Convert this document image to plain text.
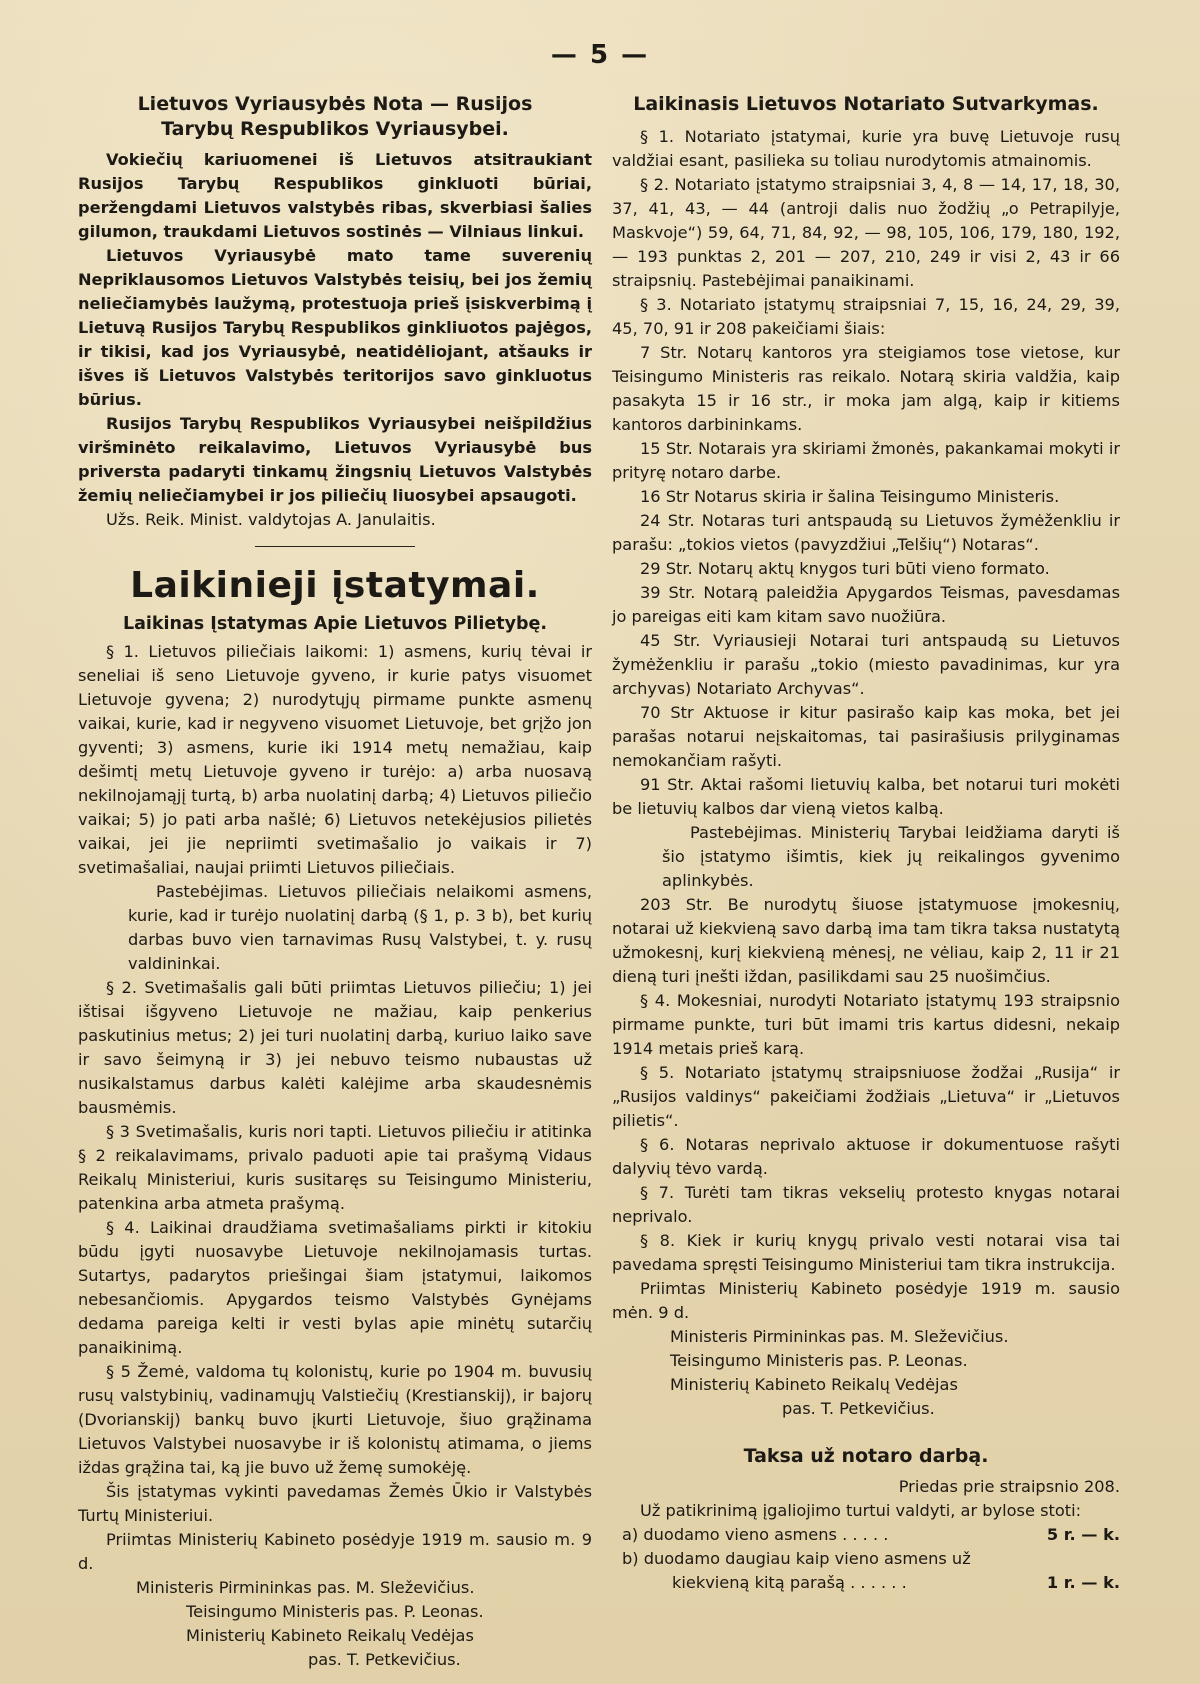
— 5 —
Lietuvos Vyriausybės Nota — Rusijos
Tarybų Respublikos Vyriausybei.

Vokiečių kariuomenei iš Lietuvos atsitraukiant Rusijos Tarybų Respublikos ginkluoti būriai, peržengdami Lietuvos valstybės ribas, skverbiasi šalies gilumon, traukdami Lietuvos sostinės — Vilniaus linkui.

Lietuvos Vyriausybė mato tame suverenių Nepriklausomos Lietuvos Valstybės teisių, bei jos žemių neliečiamybės laužymą, protestuoja prieš įsiskverbimą į Lietuvą Rusijos Tarybų Respublikos ginkliuotos pajėgos, ir tikisi, kad jos Vyriausybė, neatidėliojant, atšauks ir išves iš Lietuvos Valstybės teritorijos savo ginkluotus būrius.

Rusijos Tarybų Respublikos Vyriausybei neišpildžius viršminėto reikalavimo, Lietuvos Vyriausybė bus priversta padaryti tinkamų žingsnių Lietuvos Valstybės žemių neliečiamybei ir jos piliečių liuosybei apsaugoti.

Užs. Reik. Minist. valdytojas A. Janulaitis.

Laikinieji įstatymai.
Laikinas Įstatymas Apie Lietuvos Pilietybę.

§ 1. Lietuvos piliečiais laikomi: 1) asmens, kurių tėvai ir seneliai iš seno Lietuvoje gyveno, ir kurie patys visuomet Lietuvoje gyvena; 2) nurodytųjų pirmame punkte asmenų vaikai, kurie, kad ir negyveno visuomet Lietuvoje, bet grįžo jon gyventi; 3) asmens, kurie iki 1914 metų nemažiau, kaip dešimtį metų Lietuvoje gyveno ir turėjo: a) arba nuosavą nekilnojamąjį turtą, b) arba nuolatinį darbą; 4) Lietuvos piliečio vaikai; 5) jo pati arba našlė; 6) Lietuvos netekėjusios pilietės vaikai, jei jie nepriimti svetimašalio jo vaikais ir 7) svetimašaliai, naujai priimti Lietuvos piliečiais.

Pastebėjimas. Lietuvos piliečiais nelaikomi asmens, kurie, kad ir turėjo nuolatinį darbą (§ 1, p. 3 b), bet kurių darbas buvo vien tarnavimas Rusų Valstybei, t. y. rusų valdininkai.

§ 2. Svetimašalis gali būti priimtas Lietuvos piliečiu; 1) jei ištisai išgyveno Lietuvoje ne mažiau, kaip penkerius paskutinius metus; 2) jei turi nuolatinį darbą, kuriuo laiko save ir savo šeimyną ir 3) jei nebuvo teismo nubaustas už nusikalstamus darbus kalėti kalėjime arba skaudesnėmis bausmėmis.

§ 3 Svetimašalis, kuris nori tapti. Lietuvos piliečiu ir atitinka § 2 reikalavimams, privalo paduoti apie tai prašymą Vidaus Reikalų Ministeriui, kuris susitaręs su Teisingumo Ministeriu, patenkina arba atmeta prašymą.

§ 4. Laikinai draudžiama svetimašaliams pirkti ir kitokiu būdu įgyti nuosavybe Lietuvoje nekilnojamasis turtas. Sutartys, padarytos priešingai šiam įstatymui, laikomos nebesančiomis. Apygardos teismo Valstybės Gynėjams dedama pareiga kelti ir vesti bylas apie minėtų sutarčių panaikinimą.

§ 5 Žemė, valdoma tų kolonistų, kurie po 1904 m. buvusių rusų valstybinių, vadinamųjų Valstiečių (Krestianskij), ir bajorų (Dvorianskij) bankų buvo įkurti Lietuvoje, šiuo grąžinama Lietuvos Valstybei nuosavybe ir iš kolonistų atimama, o jiems iždas grąžina tai, ką jie buvo už žemę sumokėję.

Šis įstatymas vykinti pavedamas Žemės Ūkio ir Valstybės Turtų Ministeriui.

Priimtas Ministerių Kabineto posėdyje 1919 m. sausio m. 9 d.

Ministeris Pirmininkas pas. M. Sleževičius.

Teisingumo Ministeris pas. P. Leonas.

Ministerių Kabineto Reikalų Vedėjas

pas. T. Petkevičius.

Laikinasis Lietuvos Notariato Sutvarkymas.

§ 1. Notariato įstatymai, kurie yra buvę Lietuvoje rusų valdžiai esant, pasilieka su toliau nurodytomis atmainomis.

§ 2. Notariato įstatymo straipsniai 3, 4, 8 — 14, 17, 18, 30, 37, 41, 43, — 44 (antroji dalis nuo žodžių „o Petrapilyje, Maskvoje“) 59, 64, 71, 84, 92, — 98, 105, 106, 179, 180, 192, — 193 punktas 2, 201 — 207, 210, 249 ir visi 2, 43 ir 66 straipsnių. Pastebėjimai panaikinami.

§ 3. Notariato įstatymų straipsniai 7, 15, 16, 24, 29, 39, 45, 70, 91 ir 208 pakeičiami šiais:

7 Str. Notarų kantoros yra steigiamos tose vietose, kur Teisingumo Ministeris ras reikalo. Notarą skiria valdžia, kaip pasakyta 15 ir 16 str., ir moka jam algą, kaip ir kitiems kantoros darbininkams.

15 Str. Notarais yra skiriami žmonės, pakankamai mokyti ir prityrę notaro darbe.

16 Str Notarus skiria ir šalina Teisingumo Ministeris.

24 Str. Notaras turi antspaudą su Lietuvos žymėženkliu ir parašu: „tokios vietos (pavyzdžiui „Telšių“) Notaras“.

29 Str. Notarų aktų knygos turi būti vieno formato.

39 Str. Notarą paleidžia Apygardos Teismas, pavesdamas jo pareigas eiti kam kitam savo nuožiūra.

45 Str. Vyriausieji Notarai turi antspaudą su Lietuvos žymėženkliu ir parašu „tokio (miesto pavadinimas, kur yra archyvas) Notariato Archyvas“.

70 Str Aktuose ir kitur pasirašo kaip kas moka, bet jei parašas notarui neįskaitomas, tai pasirašiusis prilyginamas nemokančiam rašyti.

91 Str. Aktai rašomi lietuvių kalba, bet notarui turi mokėti be lietuvių kalbos dar vieną vietos kalbą.

Pastebėjimas. Ministerių Tarybai leidžiama daryti iš šio įstatymo išimtis, kiek jų reikalingos gyvenimo aplinkybės.

203 Str. Be nurodytų šiuose įstatymuose įmokesnių, notarai už kiekvieną savo darbą ima tam tikra taksa nustatytą užmokesnį, kurį kiekvieną mėnesį, ne vėliau, kaip 2, 11 ir 21 dieną turi įnešti iždan, pasilikdami sau 25 nuošimčius.

§ 4. Mokesniai, nurodyti Notariato įstatymų 193 straipsnio pirmame punkte, turi būt imami tris kartus didesni, nekaip 1914 metais prieš karą.

§ 5. Notariato įstatymų straipsniuose žodžai „Rusija“ ir „Rusijos valdinys“ pakeičiami žodžiais „Lietuva“ ir „Lietuvos pilietis“.

§ 6. Notaras neprivalo aktuose ir dokumentuose rašyti dalyvių tėvo vardą.

§ 7. Turėti tam tikras vekselių protesto knygas notarai neprivalo.

§ 8. Kiek ir kurių knygų privalo vesti notarai visa tai pavedama spręsti Teisingumo Ministeriui tam tikra instrukcija.

Priimtas Ministerių Kabineto posėdyje 1919 m. sausio mėn. 9 d.

Ministeris Pirmininkas pas. M. Sleževičius.

Teisingumo Ministeris pas. P. Leonas.

Ministerių Kabineto Reikalų Vedėjas

pas. T. Petkevičius.

Taksa už notaro darbą.

Priedas prie straipsnio 208.

Už patikrinimą įgaliojimo turtui valdyti, ar bylose stoti:

a) duodamo vieno asmens . . . . .	5 r. — k.
b) duodamo daugiau kaip vieno asmens už
kiekvieną kitą parašą . . . . . .	1 r. — k.
